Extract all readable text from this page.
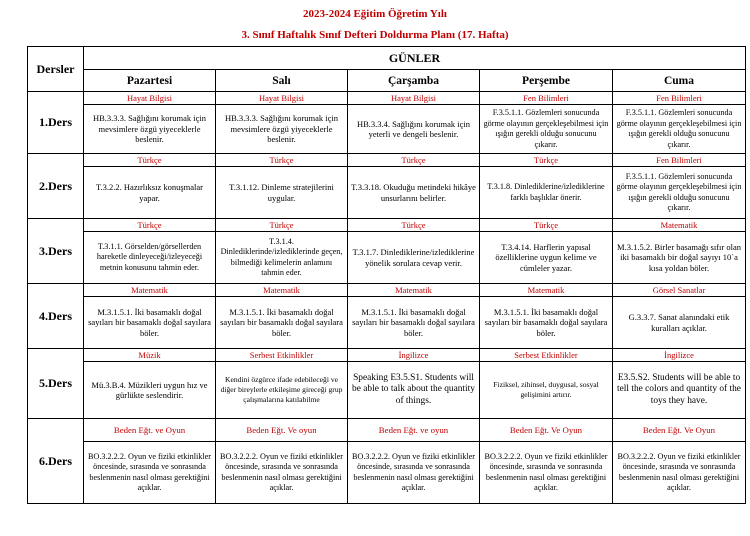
2023-2024 Eğitim Öğretim Yılı
3. Sınıf Haftalık Sınıf Defteri Doldurma Planı (17. Hafta)
Dersler	GÜNLER				
	Pazartesi	Salı	Çarşamba	Perşembe	Cuma
1.Ders	Hayat Bilgisi	Hayat Bilgisi	Hayat Bilgisi	Fen Bilimleri	Fen Bilimleri
	HB.3.3.3. Sağlığını korumak için mevsimlere özgü yiyeceklerle beslenir.	HB.3.3.3. Sağlığını korumak için mevsimlere özgü yiyeceklerle beslenir.	HB.3.3.4. Sağlığını korumak için yeterli ve dengeli beslenir.	F.3.5.1.1. Gözlemleri sonucunda görme olayının gerçekleşebilmesi için ışığın gerekli olduğu sonucunu çıkarır.	F.3.5.1.1. Gözlemleri sonucunda görme olayının gerçekleşebilmesi için ışığın gerekli olduğu sonucunu çıkarır.
2.Ders	Türkçe	Türkçe	Türkçe	Türkçe	Fen Bilimleri
	T.3.2.2. Hazırlıksız konuşmalar yapar.	T.3.1.12. Dinleme stratejilerini uygular.	T.3.3.18. Okuduğu metindeki hikâye unsurlarını belirler.	T.3.1.8. Dinlediklerine/izlediklerine farklı başlıklar önerir.	F.3.5.1.1. Gözlemleri sonucunda görme olayının gerçekleşebilmesi için ışığın gerekli olduğu sonucunu çıkarır.
3.Ders	Türkçe	Türkçe	Türkçe	Türkçe	Matematik
	T.3.1.1. Görselden/görsellerden hareketle dinleyeceği/izleyeceği metnin konusunu tahmin eder.	T.3.1.4. Dinlediklerinde/izlediklerinde geçen, bilmediği kelimelerin anlamını tahmin eder.	T.3.1.7. Dinlediklerine/izlediklerine yönelik sorulara cevap verir.	T.3.4.14. Harflerin yapısal özelliklerine uygun kelime ve cümleler yazar.	M.3.1.5.2. Birler basamağı sıfır olan iki basamaklı bir doğal sayıyı 10`a kısa yoldan böler.
4.Ders	Matematik	Matematik	Matematik	Matematik	Görsel Sanatlar
	M.3.1.5.1. İki basamaklı doğal sayıları bir basamaklı doğal sayılara böler.	M.3.1.5.1. İki basamaklı doğal sayıları bir basamaklı doğal sayılara böler.	M.3.1.5.1. İki basamaklı doğal sayıları bir basamaklı doğal sayılara böler.	M.3.1.5.1. İki basamaklı doğal sayıları bir basamaklı doğal sayılara böler.	G.3.3.7. Sanat alanındaki etik kuralları açıklar.
5.Ders	Müzik	Serbest Etkinlikler	İngilizce	Serbest Etkinlikler	İngilizce
	Mü.3.B.4. Müzikleri uygun hız ve gürlükte seslendirir.	Kendini özgürce ifade edebileceği ve diğer bireylerle etkileşime gireceği grup çalışmalarına katılabilme	Speaking E3.5.S1. Students will be able to talk about the quantity of things.	Fiziksel, zihinsel, duygusal, sosyal gelişimini artırır.	E3.5.S2. Students will be able to tell the colors and quantity of the toys they have.
6.Ders	Beden Eğt. ve Oyun	Beden Eğt. Ve oyun	Beden Eğt. ve oyun	Beden Eğt. Ve Oyun	Beden Eğt. Ve Oyun
	BO.3.2.2.2. Oyun ve fiziki etkinlikler öncesinde, sırasında ve sonrasında beslenmenin nasıl olması gerektiğini açıklar.	BO.3.2.2.2. Oyun ve fiziki etkinlikler öncesinde, sırasında ve sonrasında beslenmenin nasıl olması gerektiğini açıklar.	BO.3.2.2.2. Oyun ve fiziki etkinlikler öncesinde, sırasında ve sonrasında beslenmenin nasıl olması gerektiğini açıklar.	BO.3.2.2.2. Oyun ve fiziki etkinlikler öncesinde, sırasında ve sonrasında beslenmenin nasıl olması gerektiğini açıklar.	BO.3.2.2.2. Oyun ve fiziki etkinlikler öncesinde, sırasında ve sonrasında beslenmenin nasıl olması gerektiğini açıklar.
